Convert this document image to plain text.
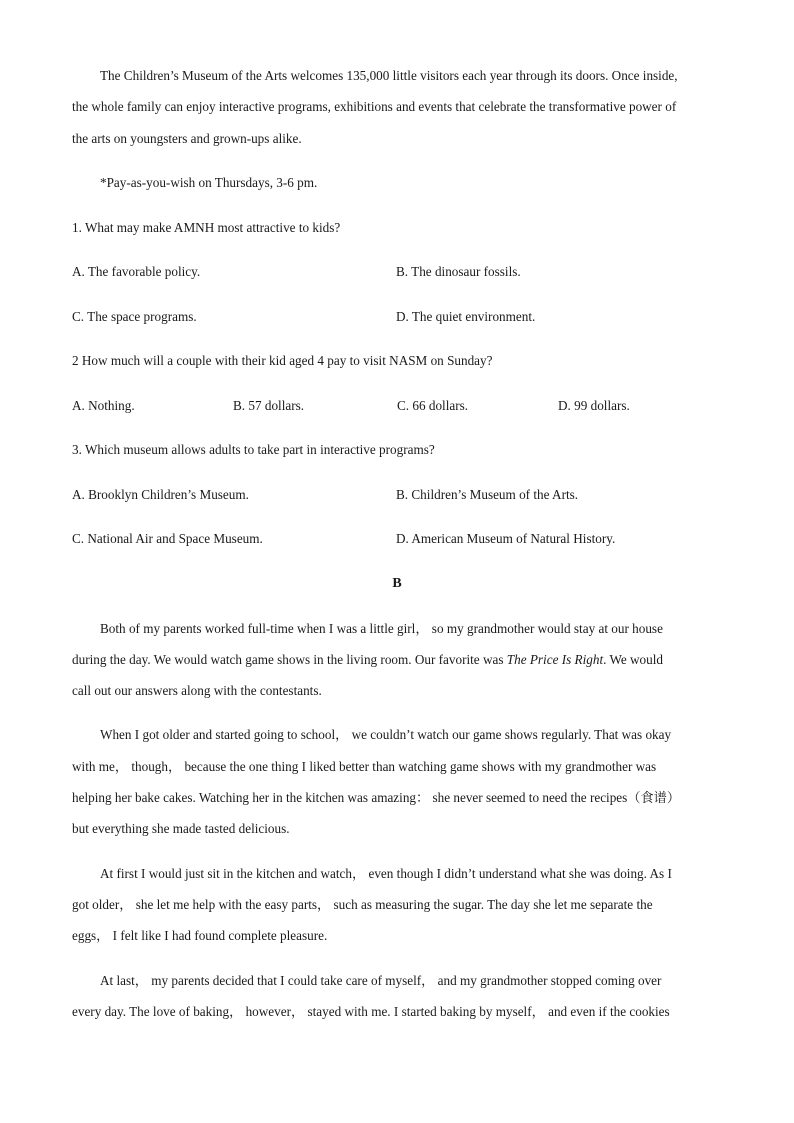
The Children’s Museum of the Arts welcomes 135,000 little visitors each year through its doors. Once inside,
the whole family can enjoy interactive programs, exhibitions and events that celebrate the transformative power of
the arts on youngsters and grown-ups alike.
*Pay-as-you-wish on Thursdays, 3-6 pm.
1. What may make AMNH most attractive to kids?
A. The favorable policy.	B. The dinosaur fossils.
C. The space programs.	D. The quiet environment.
2 How much will a couple with their kid aged 4 pay to visit NASM on Sunday?
A. Nothing.	B. 57 dollars.	C. 66 dollars.	D. 99 dollars.
3. Which museum allows adults to take part in interactive programs?
A. Brooklyn Children’s Museum.	B. Children’s Museum of the Arts.
C. National Air and Space Museum.	D. American Museum of Natural History.
B
Both of my parents worked full-time when I was a little girl， so my grandmother would stay at our house
during the day. We would watch game shows in the living room. Our favorite was The Price Is Right. We would
call out our answers along with the contestants.
When I got older and started going to school， we couldn’t watch our game shows regularly. That was okay
with me， though， because the one thing I liked better than watching game shows with my grandmother was
helping her bake cakes. Watching her in the kitchen was amazing： she never seemed to need the recipes（食谱）
but everything she made tasted delicious.
At first I would just sit in the kitchen and watch， even though I didn’t understand what she was doing. As I
got older， she let me help with the easy parts， such as measuring the sugar. The day she let me separate the
eggs， I felt like I had found complete pleasure.
At last， my parents decided that I could take care of myself， and my grandmother stopped coming over
every day. The love of baking， however， stayed with me. I started baking by myself， and even if the cookies
